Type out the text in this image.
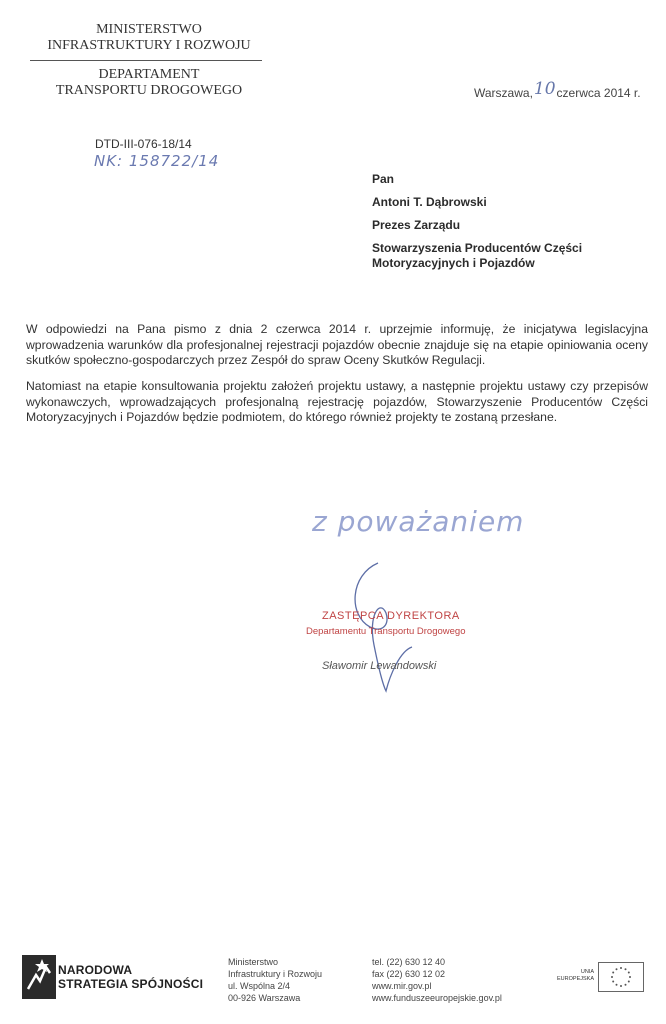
MINISTERSTWO
INFRASTRUKTURY I ROZWOJU
DEPARTAMENT
TRANSPORTU DROGOWEGO	Warszawa,10czerwca 2014 r.
DTD-III-076-18/14
NK: 158722/14
Pan
Antoni T. Dąbrowski
Prezes Zarządu
Stowarzyszenia Producentów Części
Motoryzacyjnych i Pojazdów
W odpowiedzi na Pana pismo z dnia 2 czerwca 2014 r. uprzejmie informuję, że inicjatywa legislacyjna wprowadzenia warunków dla profesjonalnej rejestracji pojazdów obecnie znajduje się na etapie opiniowania oceny skutków społeczno-gospodarczych przez Zespół do spraw Oceny Skutków Regulacji.
Natomiast na etapie konsultowania projektu założeń projektu ustawy, a następnie projektu ustawy czy przepisów wykonawczych, wprowadzających profesjonalną rejestrację pojazdów, Stowarzyszenie Producentów Części Motoryzacyjnych i Pojazdów będzie podmiotem, do którego również projekty te zostaną przesłane.
z poważaniem
ZASTĘPCA DYREKTORA
Departamentu Transportu Drogowego
Sławomir Lewandowski
NARODOWA
STRATEGIA SPÓJNOŚCI
Ministerstwo
Infrastruktury i Rozwoju
ul. Wspólna 2/4
00-926 Warszawa
tel. (22) 630 12 40
fax (22) 630 12 02
www.mir.gov.pl
www.funduszeeuropejskie.gov.pl
UNIA
EUROPEJSKA
